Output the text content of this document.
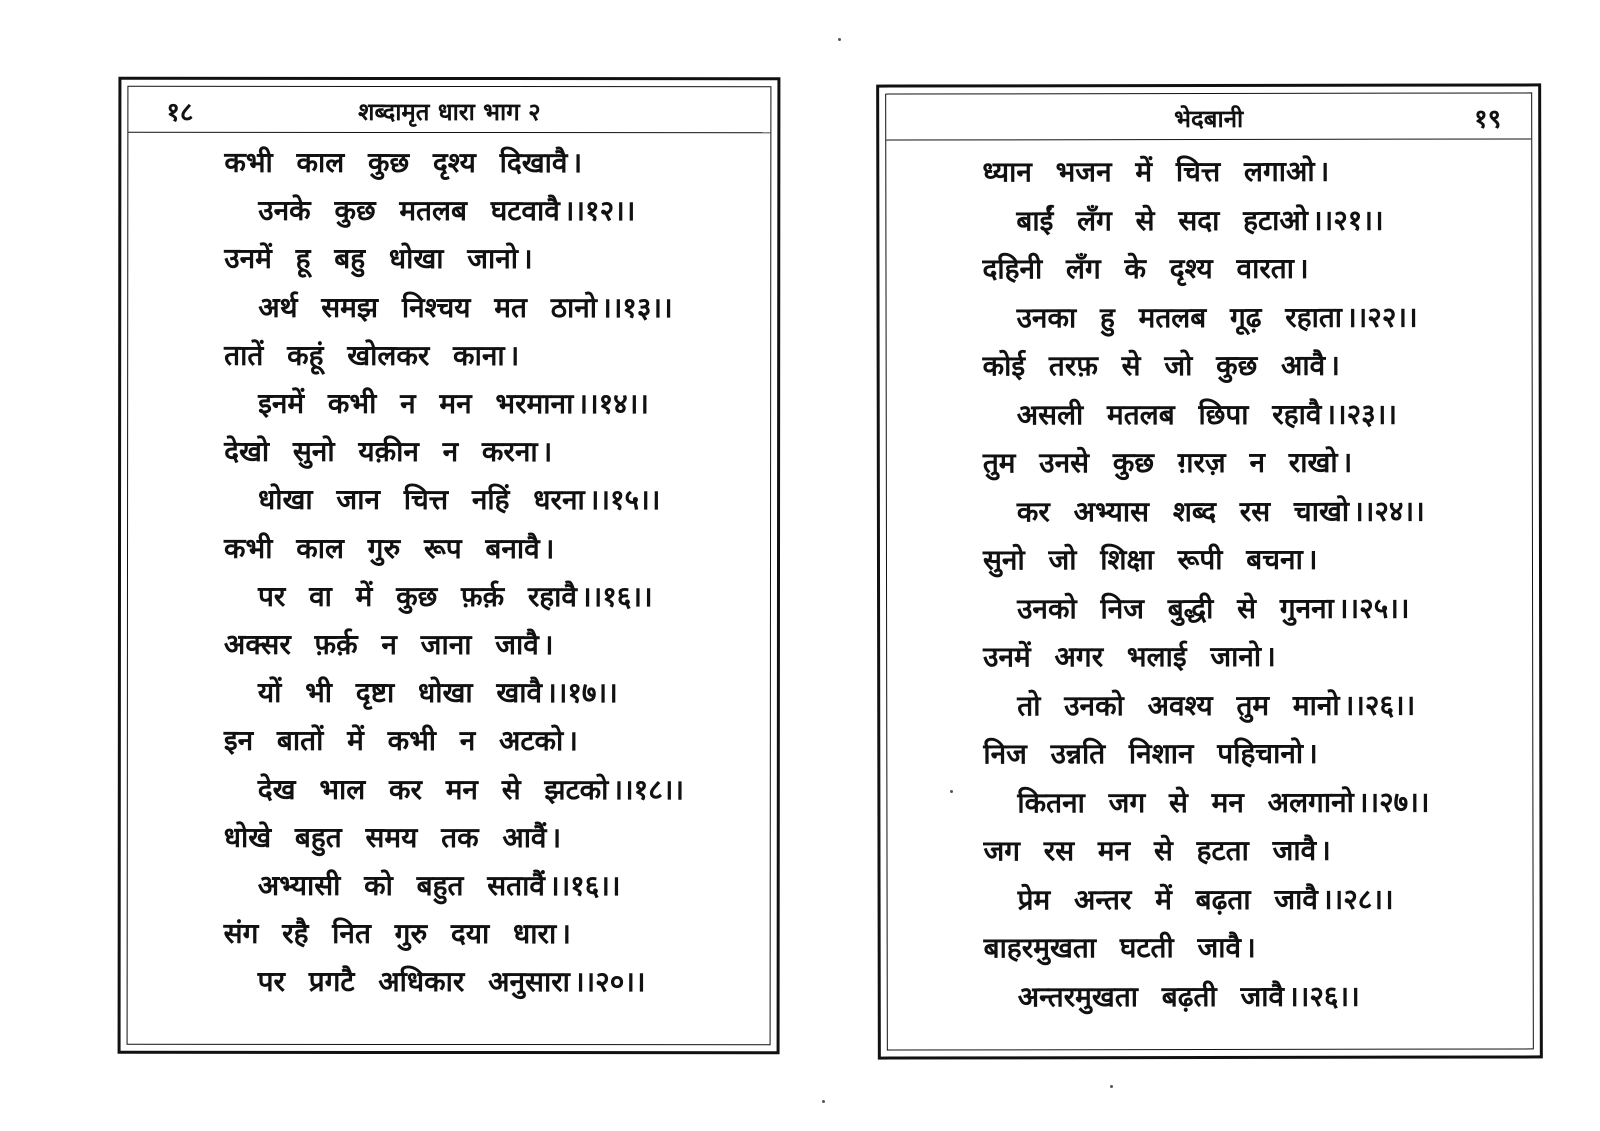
१८	शब्दामृत धारा भाग २
कभी काल कुछ दृश्य दिखावै ।
उनके कुछ मतलब घटवावै ।।१२।।
उनमें हू बहु धोखा जानो ।
अर्थ समझ निश्चय मत ठानो ।।१३।।
तातें कहूं खोलकर काना ।
इनमें कभी न मन भरमाना ।।१४।।
देखो सुनो यक़ीन न करना ।
धोखा जान चित्त नहिं धरना ।।१५।।
कभी काल गुरु रूप बनावै ।
पर वा में कुछ फ़र्क़ रहावै ।।१६।।
अक्सर फ़र्क़ न जाना जावै ।
यों भी दृष्टा धोखा खावै ।।१७।।
इन बातों में कभी न अटको ।
देख भाल कर मन से झटको ।।१८।।
धोखे बहुत समय तक आवैं ।
अभ्यासी को बहुत सतावैं ।।१६।।
संग रहै नित गुरु दया धारा ।
पर प्रगटै अधिकार अनुसारा ।।२०।।
१९
भेदबानी
ध्यान भजन में चित्त लगाओ ।
बाईं लँग से सदा हटाओ ।।२१।।
दहिनी लँग के दृश्य वारता ।
उनका हु मतलब गूढ़ रहाता ।।२२।।
कोई तरफ़ से जो कुछ आवै ।
असली मतलब छिपा रहावै ।।२३।।
तुम उनसे कुछ ग़रज़ न राखो ।
कर अभ्यास शब्द रस चाखो ।।२४।।
सुनो जो शिक्षा रूपी बचना ।
उनको निज बुद्धी से गुनना ।।२५।।
उनमें अगर भलाई जानो ।
तो उनको अवश्य तुम मानो ।।२६।।
निज उन्नति निशान पहिचानो ।
कितना जग से मन अलगानो ।।२७।।
जग रस मन से हटता जावै ।
प्रेम अन्तर में बढ़ता जावै ।।२८।।
बाहरमुखता घटती जावै ।
अन्तरमुखता बढ़ती जावै ।।२६।।
